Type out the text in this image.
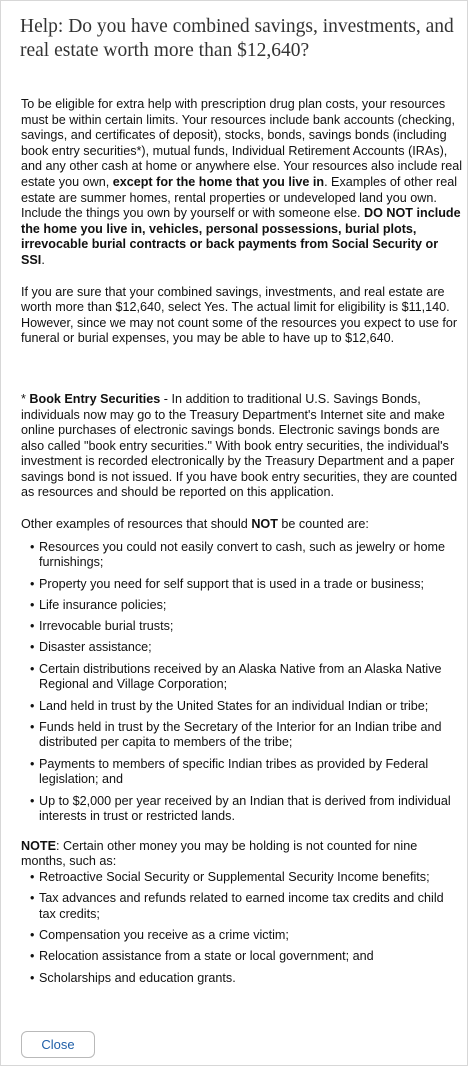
Help: Do you have combined savings, investments, and real estate worth more than $12,640?

To be eligible for extra help with prescription drug plan costs, your resources must be within certain limits. Your resources include bank accounts (checking, savings, and certificates of deposit), stocks, bonds, savings bonds (including book entry securities*), mutual funds, Individual Retirement Accounts (IRAs), and any other cash at home or anywhere else. Your resources also include real estate you own, except for the home that you live in. Examples of other real estate are summer homes, rental properties or undeveloped land you own. Include the things you own by yourself or with someone else. DO NOT include the home you live in, vehicles, personal possessions, burial plots, irrevocable burial contracts or back payments from Social Security or SSI.

If you are sure that your combined savings, investments, and real estate are worth more than $12,640, select Yes. The actual limit for eligibility is $11,140. However, since we may not count some of the resources you expect to use for funeral or burial expenses, you may be able to have up to $12,640.

* Book Entry Securities - In addition to traditional U.S. Savings Bonds, individuals now may go to the Treasury Department's Internet site and make online purchases of electronic savings bonds. Electronic savings bonds are also called "book entry securities." With book entry securities, the individual's investment is recorded electronically by the Treasury Department and a paper savings bond is not issued. If you have book entry securities, they are counted as resources and should be reported on this application.

Other examples of resources that should NOT be counted are:

• Resources you could not easily convert to cash, such as jewelry or home furnishings;
• Property you need for self support that is used in a trade or business;
• Life insurance policies;
• Irrevocable burial trusts;
• Disaster assistance;
• Certain distributions received by an Alaska Native from an Alaska Native Regional and Village Corporation;
• Land held in trust by the United States for an individual Indian or tribe;
• Funds held in trust by the Secretary of the Interior for an Indian tribe and distributed per capita to members of the tribe;
• Payments to members of specific Indian tribes as provided by Federal legislation; and
• Up to $2,000 per year received by an Indian that is derived from individual interests in trust or restricted lands.

NOTE: Certain other money you may be holding is not counted for nine months, such as:

• Retroactive Social Security or Supplemental Security Income benefits;
• Tax advances and refunds related to earned income tax credits and child tax credits;
• Compensation you receive as a crime victim;
• Relocation assistance from a state or local government; and
• Scholarships and education grants.
Close
